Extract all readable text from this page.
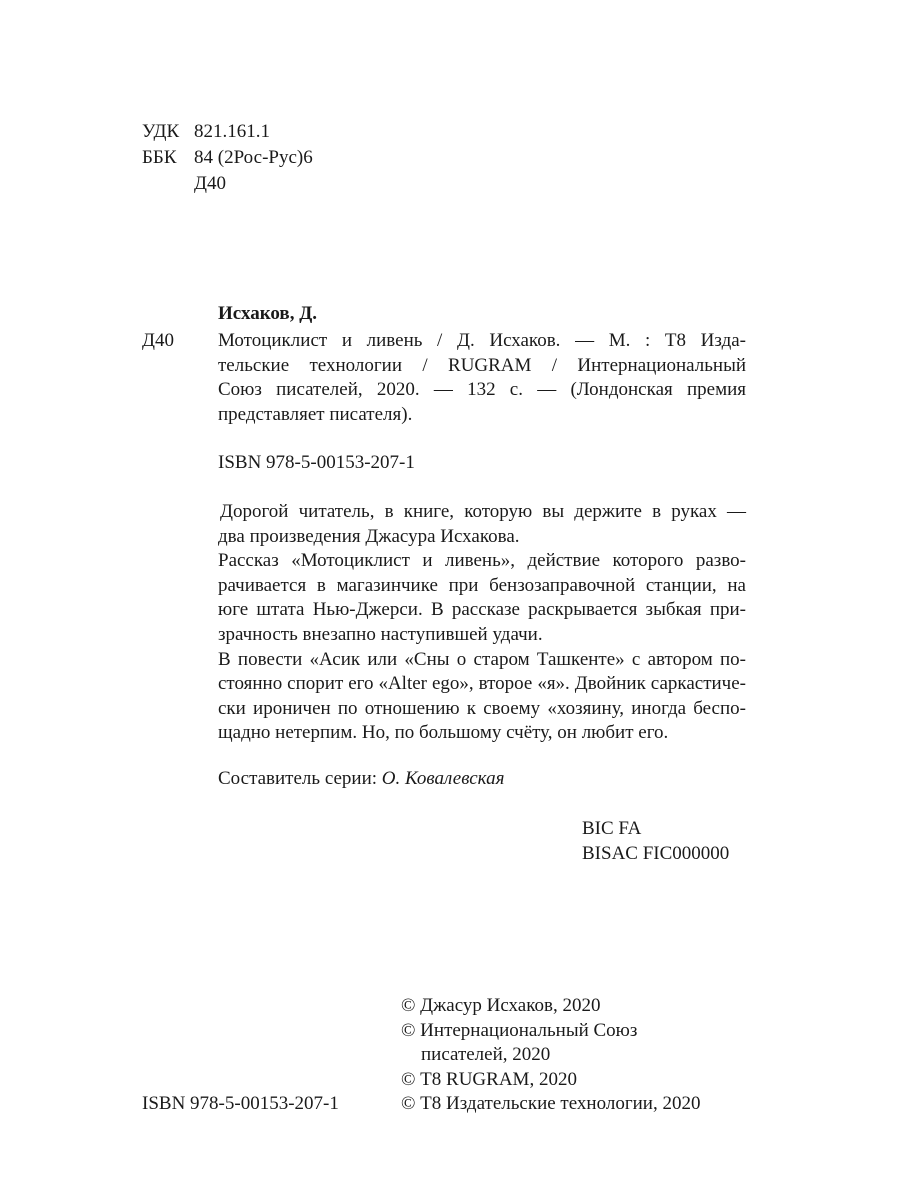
УДК 821.161.1
ББК 84 (2Рос-Рус)6
Д40
Исхаков, Д.
Д40 Мотоциклист и ливень / Д. Исхаков. — М. : Т8 Изда-
тельские технологии / RUGRAM / Интернациональный
Союз писателей, 2020. — 132 с. — (Лондонская премия
представляет писателя).
ISBN 978-5-00153-207-1
Дорогой читатель, в книге, которую вы держите в руках —
два произведения Джасура Исхакова.
Рассказ «Мотоциклист и ливень», действие которого разво-
рачивается в магазинчике при бензозаправочной станции, на
юге штата Нью-Джерси. В рассказе раскрывается зыбкая при-
зрачность внезапно наступившей удачи.
В повести «Асик или «Сны о старом Ташкенте» с автором по-
стоянно спорит его «Alter ego», второе «я». Двойник саркастиче-
ски ироничен по отношению к своему «хозяину, иногда беспо-
щадно нетерпим. Но, по большому счёту, он любит его.
Составитель серии: О. Ковалевская
BIC FA
BISAC FIC000000
© Джасур Исхаков, 2020
© Интернациональный Союз
писателей, 2020
© Т8 RUGRAM, 2020
© Т8 Издательские технологии, 2020
ISBN 978-5-00153-207-1
